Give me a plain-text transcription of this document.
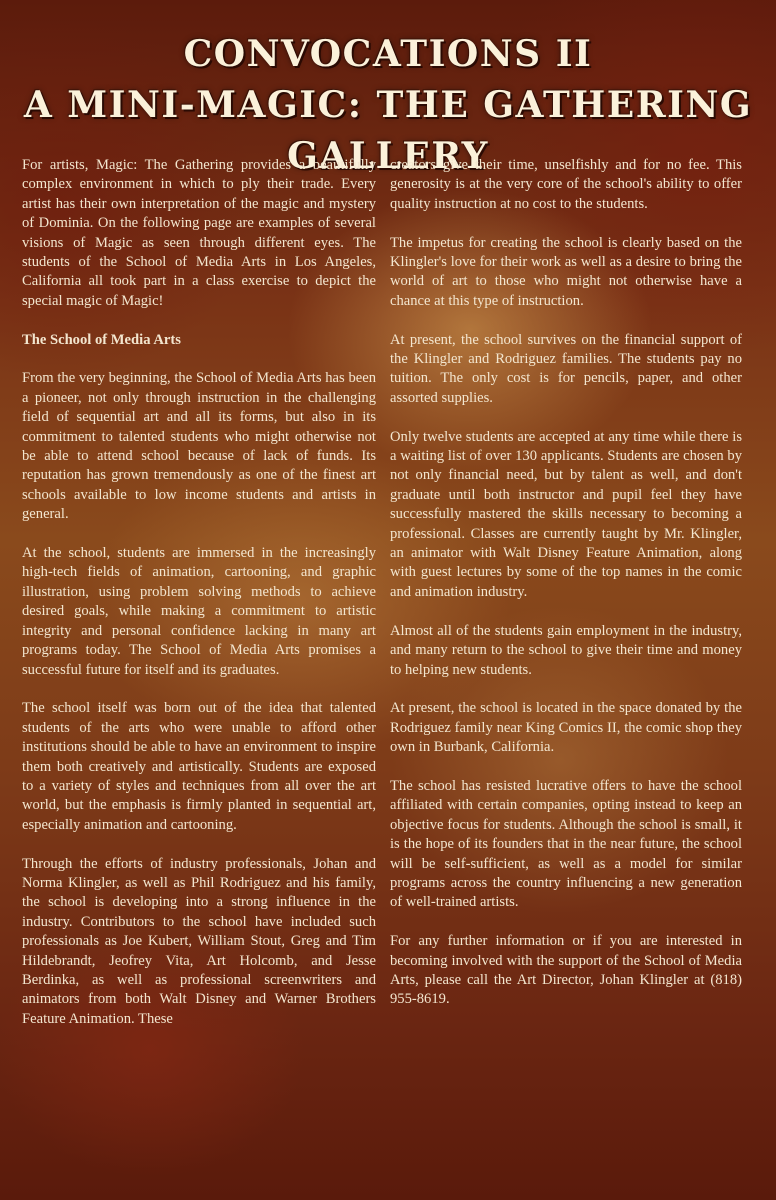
CONVOCATIONS II
A MINI-MAGIC: THE GATHERING
GALLERY

For artists, Magic: The Gathering provides a beautifully complex environment in which to ply their trade. Every artist has their own interpretation of the magic and mystery of Dominia. On the following page are examples of several visions of Magic as seen through different eyes. The students of the School of Media Arts in Los Angeles, California all took part in a class exercise to depict the special magic of Magic!

The School of Media Arts

From the very beginning, the School of Media Arts has been a pioneer, not only through instruction in the challenging field of sequential art and all its forms, but also in its commitment to talented students who might otherwise not be able to attend school because of lack of funds. Its reputation has grown tremendously as one of the finest art schools available to low income students and artists in general.

At the school, students are immersed in the increasingly high-tech fields of animation, cartooning, and graphic illustration, using problem solving methods to achieve desired goals, while making a commitment to artistic integrity and personal confidence lacking in many art programs today. The School of Media Arts promises a successful future for itself and its graduates.

The school itself was born out of the idea that talented students of the arts who were unable to afford other institutions should be able to have an environment to inspire them both creatively and artistically. Students are exposed to a variety of styles and techniques from all over the art world, but the emphasis is firmly planted in sequential art, especially animation and cartooning.

Through the efforts of industry professionals, Johan and Norma Klingler, as well as Phil Rodriguez and his family, the school is developing into a strong influence in the industry. Contributors to the school have included such professionals as Joe Kubert, William Stout, Greg and Tim Hildebrandt, Jeofrey Vita, Art Holcomb, and Jesse Berdinka, as well as professional screenwriters and animators from both Walt Disney and Warner Brothers Feature Animation. These

creators give their time, unselfishly and for no fee. This generosity is at the very core of the school's ability to offer quality instruction at no cost to the students.

The impetus for creating the school is clearly based on the Klingler's love for their work as well as a desire to bring the world of art to those who might not otherwise have a chance at this type of instruction.

At present, the school survives on the financial support of the Klingler and Rodriguez families. The students pay no tuition. The only cost is for pencils, paper, and other assorted supplies.

Only twelve students are accepted at any time while there is a waiting list of over 130 applicants. Students are chosen by not only financial need, but by talent as well, and don't graduate until both instructor and pupil feel they have successfully mastered the skills necessary to becoming a professional. Classes are currently taught by Mr. Klingler, an animator with Walt Disney Feature Animation, along with guest lectures by some of the top names in the comic and animation industry.

Almost all of the students gain employment in the industry, and many return to the school to give their time and money to helping new students.

At present, the school is located in the space donated by the Rodriguez family near King Comics II, the comic shop they own in Burbank, California.

The school has resisted lucrative offers to have the school affiliated with certain companies, opting instead to keep an objective focus for students. Although the school is small, it is the hope of its founders that in the near future, the school will be self-sufficient, as well as a model for similar programs across the country influencing a new generation of well-trained artists.

For any further information or if you are interested in becoming involved with the support of the School of Media Arts, please call the Art Director, Johan Klingler at (818) 955-8619.
